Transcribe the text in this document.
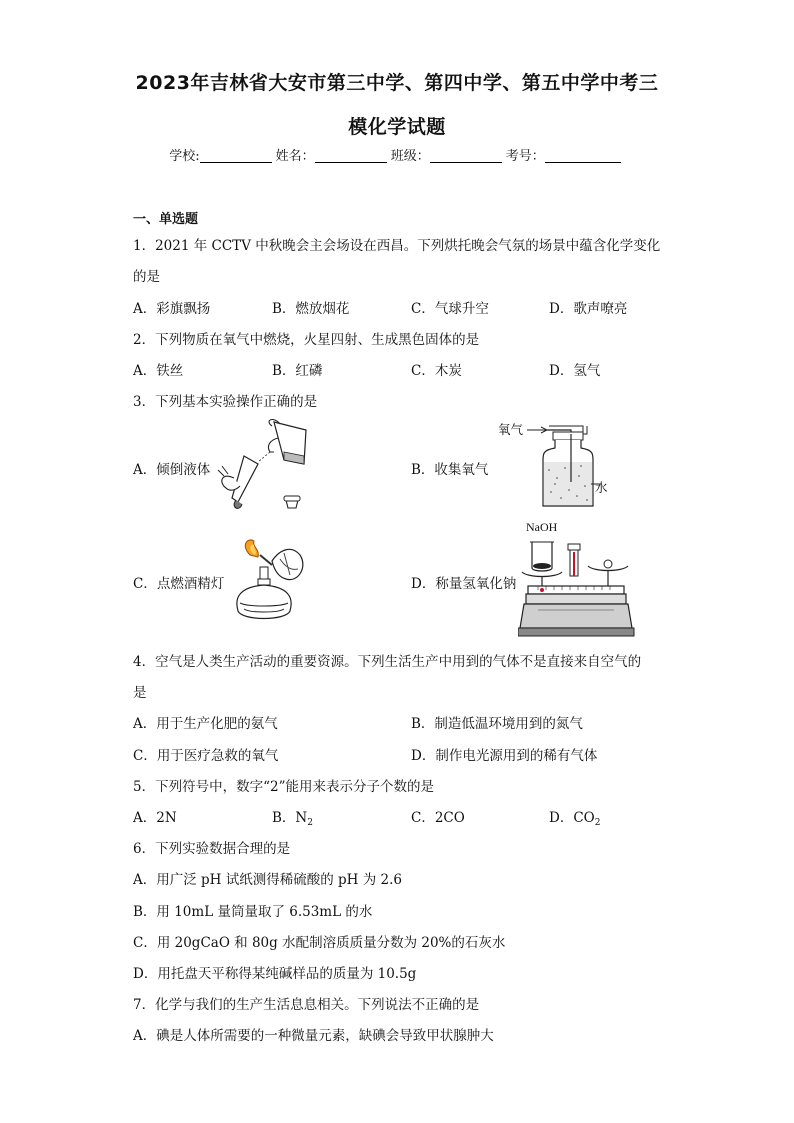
2023年吉林省大安市第三中学、第四中学、第五中学中考三
模化学试题
学校:	姓名：	班级：	考号：
一、单选题
1．2021 年 CCTV 中秋晚会主会场设在西昌。下列烘托晚会气氛的场景中蕴含化学变化
的是
A．彩旗飘扬	B．燃放烟花	C．气球升空	D．歌声嘹亮
2．下列物质在氧气中燃烧，火星四射、生成黑色固体的是
A．铁丝	B．红磷	C．木炭	D．氢气
3．下列基本实验操作正确的是
A．倾倒液体	B．收集氧气
C．点燃酒精灯	D．称量氢氧化钠
氧气
水
NaOH
4．空气是人类生产活动的重要资源。下列生活生产中用到的气体不是直接来自空气的
是
A．用于生产化肥的氨气	B．制造低温环境用到的氮气
C．用于医疗急救的氧气	D．制作电光源用到的稀有气体
5．下列符号中，数字“2”能用来表示分子个数的是
A．2N	B．$N_2$	C．2CO	D．$CO_2$
6．下列实验数据合理的是
A．用广泛 pH 试纸测得稀硫酸的 pH 为 2.6
B．用 10mL 量筒量取了 6.53mL 的水
C．用 20gCaO 和 80g 水配制溶质质量分数为 20%的石灰水
D．用托盘天平称得某纯碱样品的质量为 10.5g
7．化学与我们的生产生活息息相关。下列说法不正确的是
A．碘是人体所需要的一种微量元素，缺碘会导致甲状腺肿大
